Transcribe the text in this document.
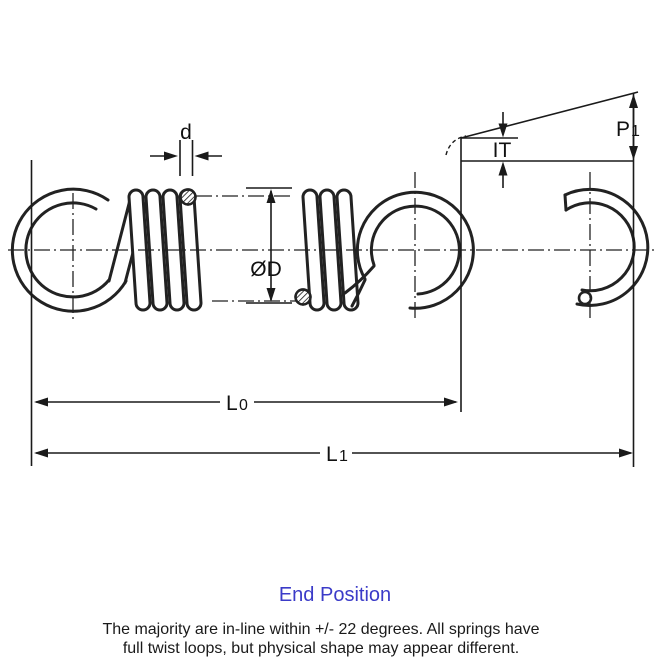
d
ØD
IT
P 1
L 0
L 1
End Position
The majority are in-line within +/- 22 degrees. All springs have
full twist loops, but physical shape may appear different.
